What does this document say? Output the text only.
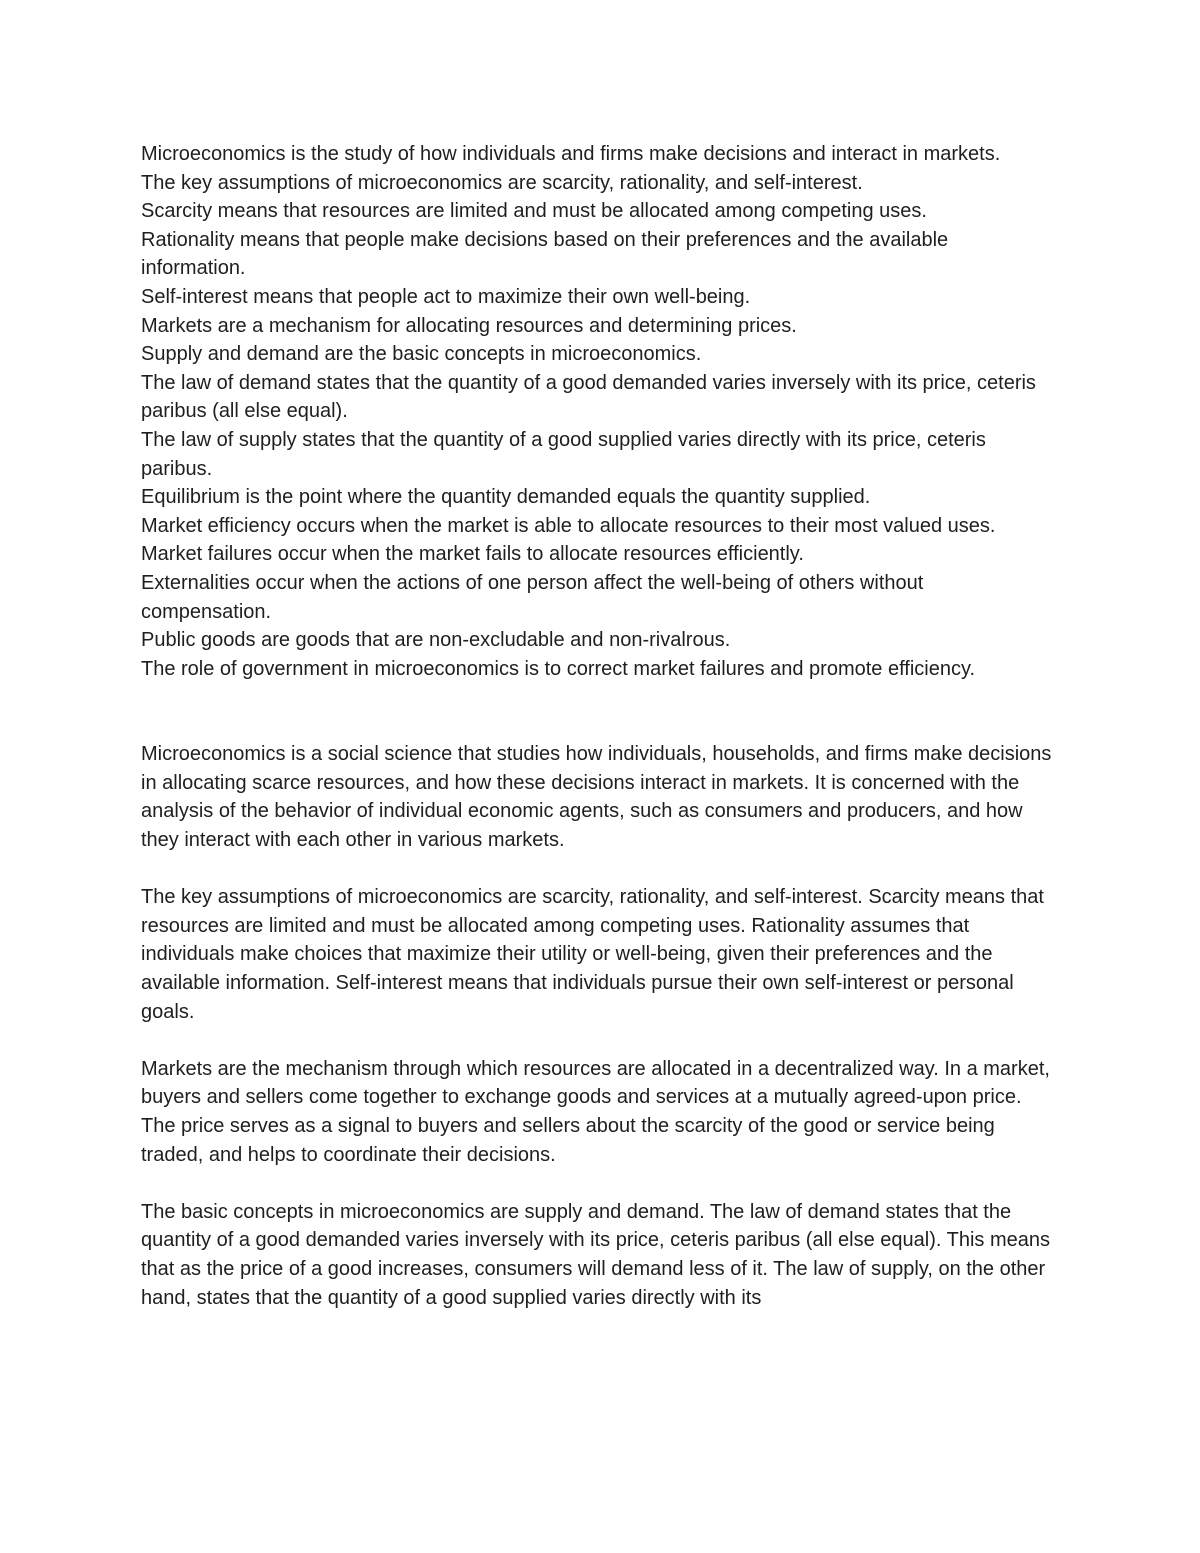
Microeconomics is the study of how individuals and firms make decisions and interact in markets.

The key assumptions of microeconomics are scarcity, rationality, and self-interest.

Scarcity means that resources are limited and must be allocated among competing uses.

Rationality means that people make decisions based on their preferences and the available information.

Self-interest means that people act to maximize their own well-being.

Markets are a mechanism for allocating resources and determining prices.

Supply and demand are the basic concepts in microeconomics.

The law of demand states that the quantity of a good demanded varies inversely with its price, ceteris paribus (all else equal).

The law of supply states that the quantity of a good supplied varies directly with its price, ceteris paribus.

Equilibrium is the point where the quantity demanded equals the quantity supplied.

Market efficiency occurs when the market is able to allocate resources to their most valued uses.

Market failures occur when the market fails to allocate resources efficiently.

Externalities occur when the actions of one person affect the well-being of others without compensation.

Public goods are goods that are non-excludable and non-rivalrous.

The role of government in microeconomics is to correct market failures and promote efficiency.

Microeconomics is a social science that studies how individuals, households, and firms make decisions in allocating scarce resources, and how these decisions interact in markets. It is concerned with the analysis of the behavior of individual economic agents, such as consumers and producers, and how they interact with each other in various markets.

The key assumptions of microeconomics are scarcity, rationality, and self-interest. Scarcity means that resources are limited and must be allocated among competing uses. Rationality assumes that individuals make choices that maximize their utility or well-being, given their preferences and the available information. Self-interest means that individuals pursue their own self-interest or personal goals.

Markets are the mechanism through which resources are allocated in a decentralized way. In a market, buyers and sellers come together to exchange goods and services at a mutually agreed-upon price. The price serves as a signal to buyers and sellers about the scarcity of the good or service being traded, and helps to coordinate their decisions.

The basic concepts in microeconomics are supply and demand. The law of demand states that the quantity of a good demanded varies inversely with its price, ceteris paribus (all else equal). This means that as the price of a good increases, consumers will demand less of it. The law of supply, on the other hand, states that the quantity of a good supplied varies directly with its
